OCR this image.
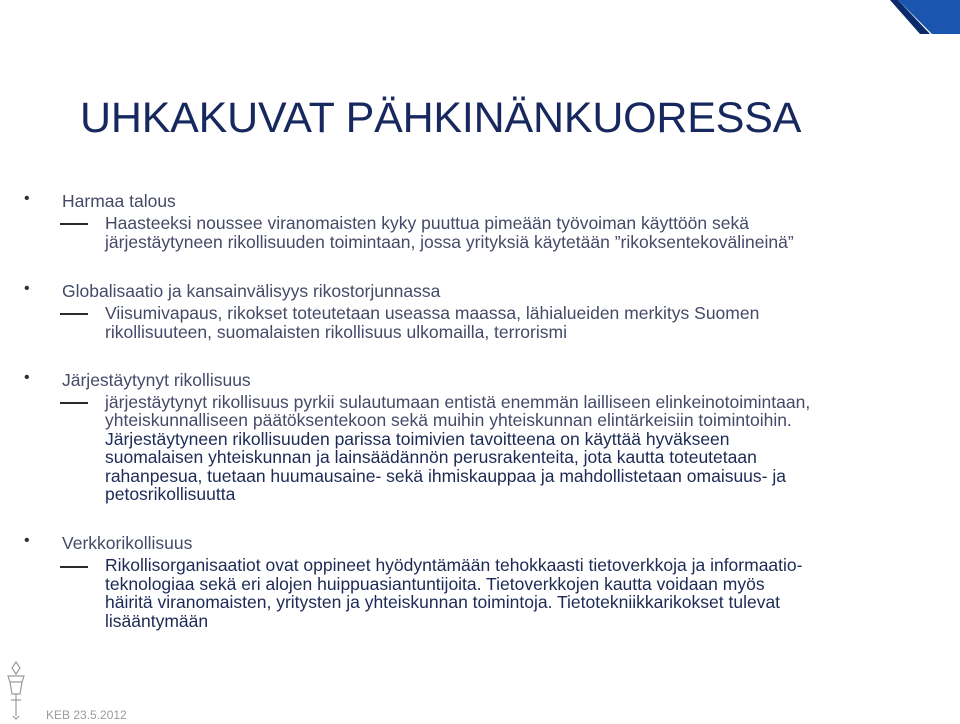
UHKAKUVAT PÄHKINÄNKUORESSA
• Harmaa talous

Haasteeksi noussee viranomaisten kyky puuttua pimeään työvoiman käyttöön sekä

järjestäytyneen rikollisuuden toimintaan, jossa yrityksiä käytetään ”rikoksentekovälineinä”

• Globalisaatio ja kansainvälisyys rikostorjunnassa

Viisumivapaus, rikokset toteutetaan useassa maassa, lähialueiden merkitys Suomen

rikollisuuteen, suomalaisten rikollisuus ulkomailla, terrorismi

• Järjestäytynyt rikollisuus

järjestäytynyt rikollisuus pyrkii sulautumaan entistä enemmän lailliseen elinkeinotoimintaan,

yhteiskunnalliseen päätöksentekoon sekä muihin yhteiskunnan elintärkeisiin toimintoihin.

Järjestäytyneen rikollisuuden parissa toimivien tavoitteena on käyttää hyväkseen

suomalaisen yhteiskunnan ja lainsäädännön perusrakenteita, jota kautta toteutetaan

rahanpesua, tuetaan huumausaine- sekä ihmiskauppaa ja mahdollistetaan omaisuus- ja

petosrikollisuutta

• Verkkorikollisuus

Rikollisorganisaatiot ovat oppineet hyödyntämään tehokkaasti tietoverkkoja ja informaatio-

teknologiaa sekä eri alojen huippuasiantuntijoita. Tietoverkkojen kautta voidaan myös

häiritä viranomaisten, yritysten ja yhteiskunnan toimintoja. Tietotekniikkarikokset tulevat

lisääntymään

KEB 23.5.2012
